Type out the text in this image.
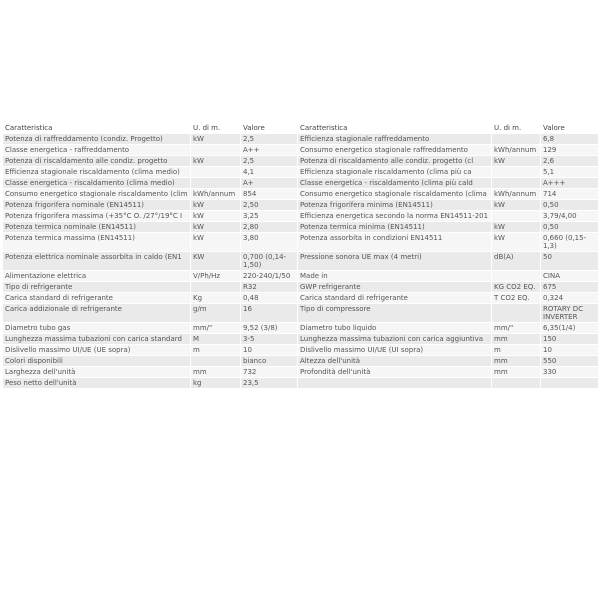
Caratteristica	U. di m.	Valore	Caratteristica	U. di m.	Valore
Potenza di raffreddamento (condiz. Progetto)	kW	2,5	Efficienza stagionale raffreddamento		6,8
Classe energetica - raffreddamento		A++	Consumo energetico stagionale raffreddamento	kWh/annum	129
Potenza di riscaldamento alle condiz. progetto	kW	2,5	Potenza di riscaldamento alle condiz. progetto (cl	kW	2,6
Efficienza stagionale riscaldamento (clima medio)		4,1	Efficienza stagionale riscaldamento (clima più ca		5,1
Classe energetica - riscaldamento (clima medio)		A+	Classe energetica - riscaldamento (clima più cald		A+++
Consumo energetico stagionale riscaldamento (clim	kWh/annum	854	Consumo energetico stagionale riscaldamento (clima	kWh/annum	714
Potenza frigorifera nominale (EN14511)	kW	2,50	Potenza frigorifera minima (EN14511)	kW	0,50
Potenza frigorifera massima (+35°C O. /27°/19°C I	kW	3,25	Efficienza energetica secondo la norma EN14511-201		3,79/4,00
Potenza termica nominale (EN14511)	kW	2,80	Potenza termica minima (EN14511)	kW	0,50
Potenza termica massima (EN14511)	kW	3,80	Potenza assorbita in condizioni EN14511	kW	0,660 (0,15-1,3)
Potenza elettrica nominale assorbita in caldo (EN1	KW	0,700 (0,14-1,50)	Pressione sonora UE max (4 metri)	dB(A)	50
Alimentazione elettrica	V/Ph/Hz	220-240/1/50	Made in		CINA
Tipo di refrigerante		R32	GWP refrigerante	KG CO2 EQ.	675
Carica standard di refrigerante	Kg	0,48	Carica standard di refrigerante	T CO2 EQ.	0,324
Carica addizionale di refrigerante	g/m	16	Tipo di compressore		ROTARY DC INVERTER
Diametro tubo gas	mm/"	9,52 (3/8)	Diametro tubo liquido	mm/"	6,35(1/4)
Lunghezza massima tubazioni con carica standard	M	3-5	Lunghezza massima tubazioni con carica aggiuntiva	mm	150
Dislivello massimo UI/UE (UE sopra)	m	10	Dislivello massimo UI/UE (UI sopra)	m	10
Colori disponibili		bianco	Altezza dell'unità	mm	550
Larghezza dell'unità	mm	732	Profondità dell'unità	mm	330
Peso netto dell'unità	kg	23,5			
